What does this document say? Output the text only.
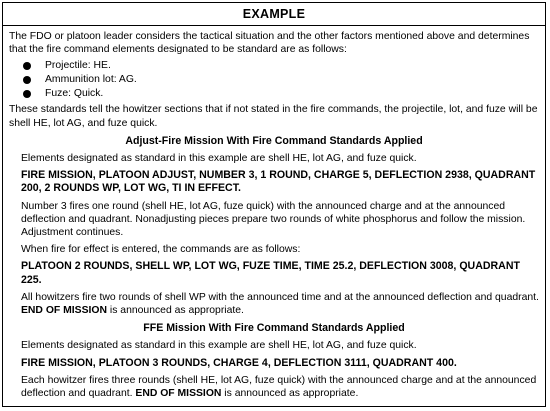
EXAMPLE

The FDO or platoon leader considers the tactical situation and the other factors mentioned above and determines that the fire command elements designated to be standard are as follows:

Projectile: HE.
Ammunition lot: AG.
Fuze: Quick.

These standards tell the howitzer sections that if not stated in the fire commands, the projectile, lot, and fuze will be shell HE, lot AG, and fuze quick.

Adjust-Fire Mission With Fire Command Standards Applied

Elements designated as standard in this example are shell HE, lot AG, and fuze quick.

FIRE MISSION, PLATOON ADJUST, NUMBER 3, 1 ROUND, CHARGE 5, DEFLECTION 2938, QUADRANT 200, 2 ROUNDS WP, LOT WG, TI IN EFFECT.

Number 3 fires one round (shell HE, lot AG, fuze quick) with the announced charge and at the announced deflection and quadrant. Nonadjusting pieces prepare two rounds of white phosphorus and follow the mission. Adjustment continues.

When fire for effect is entered, the commands are as follows:

PLATOON 2 ROUNDS, SHELL WP, LOT WG, FUZE TIME, TIME 25.2, DEFLECTION 3008, QUADRANT 225.

All howitzers fire two rounds of shell WP with the announced time and at the announced deflection and quadrant. END OF MISSION is announced as appropriate.

FFE Mission With Fire Command Standards Applied

Elements designated as standard in this example are shell HE, lot AG, and fuze quick.

FIRE MISSION, PLATOON 3 ROUNDS, CHARGE 4, DEFLECTION 3111, QUADRANT 400.

Each howitzer fires three rounds (shell HE, lot AG, fuze quick) with the announced charge and at the announced deflection and quadrant. END OF MISSION is announced as appropriate.
